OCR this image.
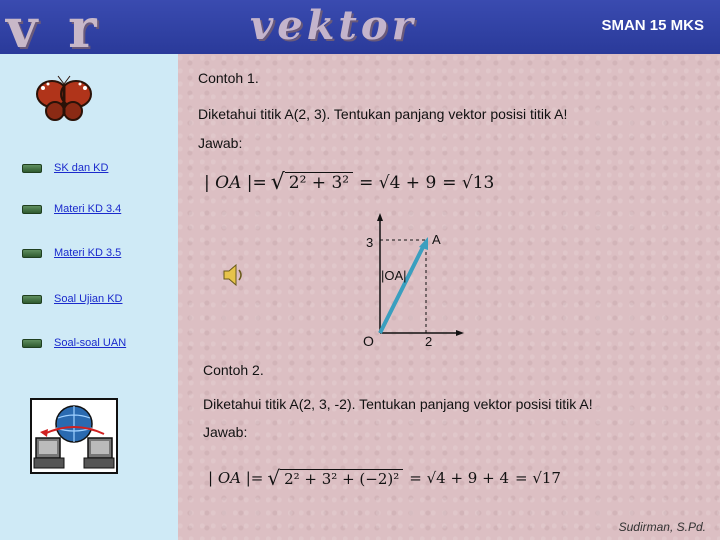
v r	vektor	SMAN 15 MKS
SK dan KD
Materi KD 3.4
Materi KD 3.5
Soal Ujian KD
Soal-soal UAN
Contoh 1.
Diketahui titik A(2, 3). Tentukan panjang vektor posisi titik A!
Jawab:
| OA |= √ 2² + 3² = √4 + 9 = √13
3	A
|OA|
O	2
Contoh 2.
Diketahui titik A(2, 3, -2). Tentukan panjang vektor posisi titik A!
Jawab:
| OA |= √ 2² + 3² + (−2)² = √4 + 9 + 4 = √17
Sudirman, S.Pd.
